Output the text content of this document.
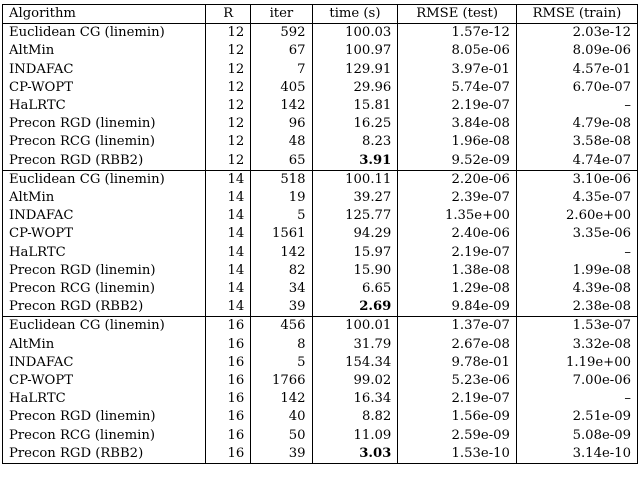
Algorithm	R	iter	time (s)	RMSE (test)	RMSE (train)
Euclidean CG (linemin)	12	592	100.03	1.57e-12	2.03e-12
AltMin	12	67	100.97	8.05e-06	8.09e-06
INDAFAC	12	7	129.91	3.97e-01	4.57e-01
CP-WOPT	12	405	29.96	5.74e-07	6.70e-07
HaLRTC	12	142	15.81	2.19e-07	–
Precon RGD (linemin)	12	96	16.25	3.84e-08	4.79e-08
Precon RCG (linemin)	12	48	8.23	1.96e-08	3.58e-08
Precon RGD (RBB2)	12	65	3.91	9.52e-09	4.74e-07
Euclidean CG (linemin)	14	518	100.11	2.20e-06	3.10e-06
AltMin	14	19	39.27	2.39e-07	4.35e-07
INDAFAC	14	5	125.77	1.35e+00	2.60e+00
CP-WOPT	14	1561	94.29	2.40e-06	3.35e-06
HaLRTC	14	142	15.97	2.19e-07	–
Precon RGD (linemin)	14	82	15.90	1.38e-08	1.99e-08
Precon RCG (linemin)	14	34	6.65	1.29e-08	4.39e-08
Precon RGD (RBB2)	14	39	2.69	9.84e-09	2.38e-08
Euclidean CG (linemin)	16	456	100.01	1.37e-07	1.53e-07
AltMin	16	8	31.79	2.67e-08	3.32e-08
INDAFAC	16	5	154.34	9.78e-01	1.19e+00
CP-WOPT	16	1766	99.02	5.23e-06	7.00e-06
HaLRTC	16	142	16.34	2.19e-07	–
Precon RGD (linemin)	16	40	8.82	1.56e-09	2.51e-09
Precon RCG (linemin)	16	50	11.09	2.59e-09	5.08e-09
Precon RGD (RBB2)	16	39	3.03	1.53e-10	3.14e-10
